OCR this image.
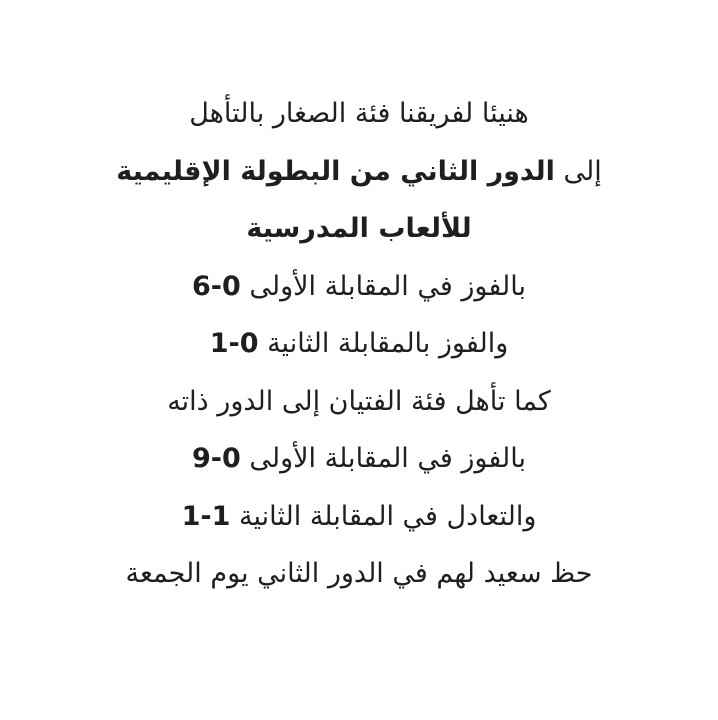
هنيئا لفريقنا فئة الصغار بالتأهل
إلى الدور الثاني من البطولة الإقليمية
للألعاب المدرسية
بالفوز في المقابلة الأولى 6-0
والفوز بالمقابلة الثانية 1-0
كما تأهل فئة الفتيان إلى الدور ذاته
بالفوز في المقابلة الأولى 9-0
والتعادل في المقابلة الثانية 1-1
حظ سعيد لهم في الدور الثاني يوم الجمعة
